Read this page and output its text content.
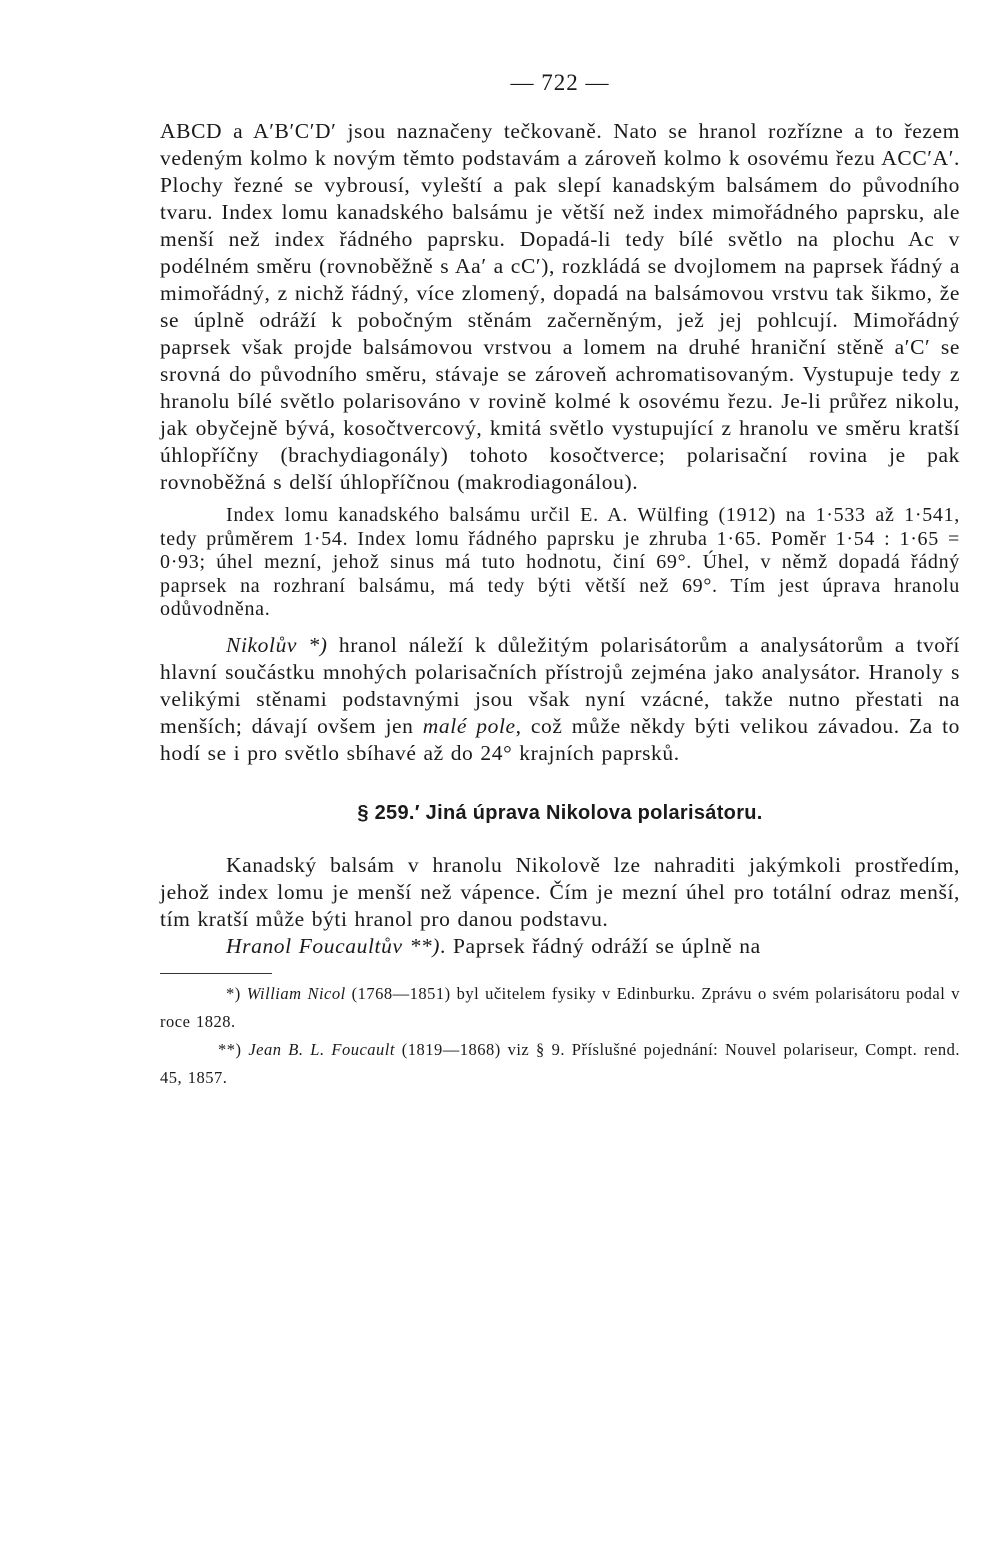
— 722 —

ABCD a A′B′C′D′ jsou naznačeny tečkovaně. Nato se hranol rozřízne a to řezem vedeným kolmo k novým těmto podstavám a zároveň kolmo k osovému řezu ACC′A′. Plochy řezné se vybrousí, vyleští a pak slepí kanadským balsámem do původního tvaru. Index lomu kanadského balsámu je větší než index mimořádného paprsku, ale menší než index řádného paprsku. Dopadá-li tedy bílé světlo na plochu Ac v podélném směru (rovnoběžně s Aa′ a cC′), rozkládá se dvojlomem na paprsek řádný a mimořádný, z nichž řádný, více zlomený, dopadá na balsámovou vrstvu tak šikmo, že se úplně odráží k pobočným stěnám začerněným, jež jej pohlcují. Mimořádný paprsek však projde balsámovou vrstvou a lomem na druhé hraniční stěně a′C′ se srovná do původního směru, stávaje se zároveň achromatisovaným. Vystupuje tedy z hranolu bílé světlo polarisováno v rovině kolmé k osovému řezu. Je-li průřez nikolu, jak obyčejně bývá, kosočtvercový, kmitá světlo vystupující z hranolu ve směru kratší úhlopříčny (brachydiagonály) tohoto kosočtverce; polarisační rovina je pak rovnoběžná s delší úhlopříčnou (makrodiagonálou).

Index lomu kanadského balsámu určil E. A. Wülfing (1912) na 1·533 až 1·541, tedy průměrem 1·54. Index lomu řádného paprsku je zhruba 1·65. Poměr 1·54 : 1·65 = 0·93; úhel mezní, jehož sinus má tuto hodnotu, činí 69°. Úhel, v němž dopadá řádný paprsek na rozhraní balsámu, má tedy býti větší než 69°. Tím jest úprava hranolu odůvodněna.

Nikolův *) hranol náleží k důležitým polarisátorům a analysátorům a tvoří hlavní součástku mnohých polarisačních přístrojů zejména jako analysátor. Hranoly s velikými stěnami podstavnými jsou však nyní vzácné, takže nutno přestati na menších; dávají ovšem jen malé pole, což může někdy býti velikou závadou. Za to hodí se i pro světlo sbíhavé až do 24° krajních paprsků.

§ 259.′ Jiná úprava Nikolova polarisátoru.

Kanadský balsám v hranolu Nikolově lze nahraditi jakýmkoli prostředím, jehož index lomu je menší než vápence. Čím je mezní úhel pro totální odraz menší, tím kratší může býti hranol pro danou podstavu.

Hranol Foucaultův **). Paprsek řádný odráží se úplně na

*) William Nicol (1768—1851) byl učitelem fysiky v Edinburku. Zprávu o svém polarisátoru podal v roce 1828.

**) Jean B. L. Foucault (1819—1868) viz § 9. Příslušné pojednání: Nouvel polariseur, Compt. rend. 45, 1857.
